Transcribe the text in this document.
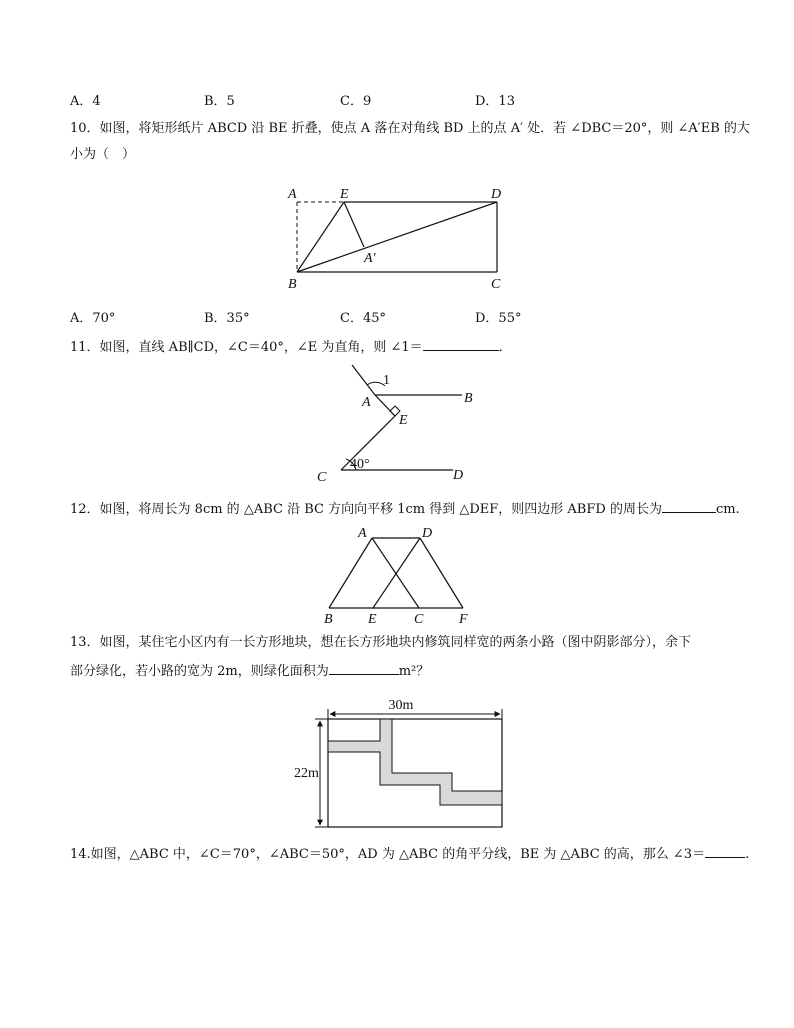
A．4	B．5	C．9	D．13
10．如图，将矩形纸片 ABCD 沿 BE 折叠，使点 A 落在对角线 BD 上的点 A′ 处．若 ∠DBC＝20°，则 ∠A′EB 的大
小为（　）
A	E	D
A′
B	C
A．70°	B．35°	C．45°	D．55°
11．如图，直线 AB∥CD，∠C＝40°，∠E 为直角，则 ∠1＝	．
1
A	B
E
C
40°
D
12．如图，将周长为 8cm 的 △ABC 沿 BC 方向向平移 1cm 得到 △DEF，则四边形 ABFD 的周长为	cm.
A	D
B	E	C	F
13．如图，某住宅小区内有一长方形地块，想在长方形地块内修筑同样宽的两条小路（图中阴影部分），余下
部分绿化，若小路的宽为 2m，则绿化面积为	m²？
30m
22m
14.如图，△ABC 中，∠C＝70°，∠ABC＝50°，AD 为 △ABC 的角平分线，BE 为 △ABC 的高，那么 ∠3＝	.
